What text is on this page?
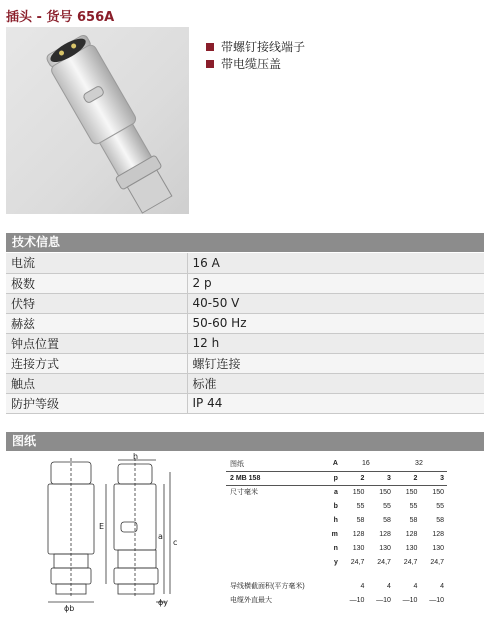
插头 - 货号 656A
带螺钉接线端子
带电缆压盖
技术信息
电流	16 A
极数	2 p
伏特	40-50 V
赫兹	50-60 Hz
钟点位置	12 h
连接方式	螺钉连接
触点	标准
防护等级	IP 44
图纸
h
E
a
c
ϕb
ϕy
图纸	A	16		32	
2 MB 158	p	2	3	2	3
尺寸毫米	a	150	150	150	150
	b	55	55	55	55
	h	58	58	58	58
	m	128	128	128	128
	n	130	130	130	130
	y	24,7	24,7	24,7	24,7

导线横截面积(平方毫米)		4	4	4	4
电缆外直最大		—10	—10	—10	—10
